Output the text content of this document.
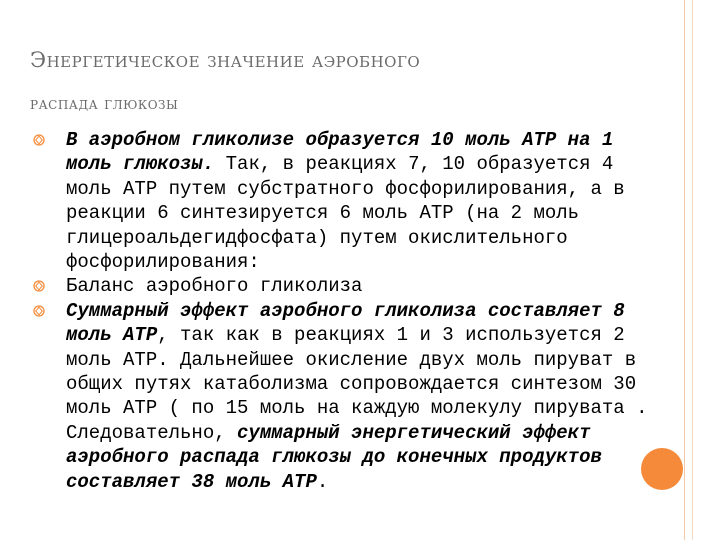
Энергетическое значение аэробного
распада глюкозы
В аэробном гликолизе образуется 10 моль АТР на 1 моль глюкозы. Так, в реакциях 7, 10 образуется 4 моль АТР путем субстратного фосфорилирования, а в реакции 6 синтезируется 6 моль АТР (на 2 моль глицероальдегидфосфата) путем окислительного фосфорилирования:
Баланс аэробного гликолиза
Суммарный эффект аэробного гликолиза составляет 8 моль АТР, так как в реакциях 1 и 3 используется 2 моль АТР. Дальнейшее окисление двух моль пируват в общих путях катаболизма сопровождается синтезом 30 моль АТР ( по 15 моль на каждую молекулу пирувата .
Следовательно, суммарный энергетический эффект аэробного распада глюкозы до конечных продуктов составляет 38 моль АТР.
